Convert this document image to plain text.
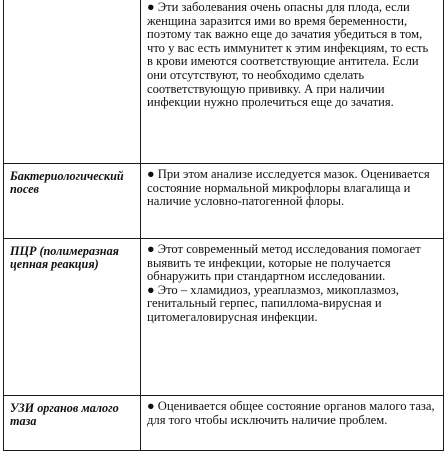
	● Эти заболевания очень опасны для плода, если женщина заразится ими во время беременности, поэтому так важно еще до зачатия убедиться в том, что у вас есть иммунитет к этим инфекциям, то есть в крови имеются соответствующие антитела. Если они отсутствуют, то необходимо сделать соответствующую прививку. А при наличии инфекции нужно пролечиться еще до зачатия.

Бактериологический посев	● При этом анализе исследуется мазок. Оценивается состояние нормальной микрофлоры влагалища и наличие условно-патогенной флоры.

ПЦР (полимеразная цепная реакция)	● Этот современный метод исследования помогает выявить те инфекции, которые не получается обнаружить при стандартном исследовании.
● Это – хламидиоз, уреаплазмоз, микоплазмоз, генитальный герпес, папиллома-вирусная и цитомегаловирусная инфекции.

УЗИ органов малого таза	● Оценивается общее состояние органов малого таза, для того чтобы исключить наличие проблем.
